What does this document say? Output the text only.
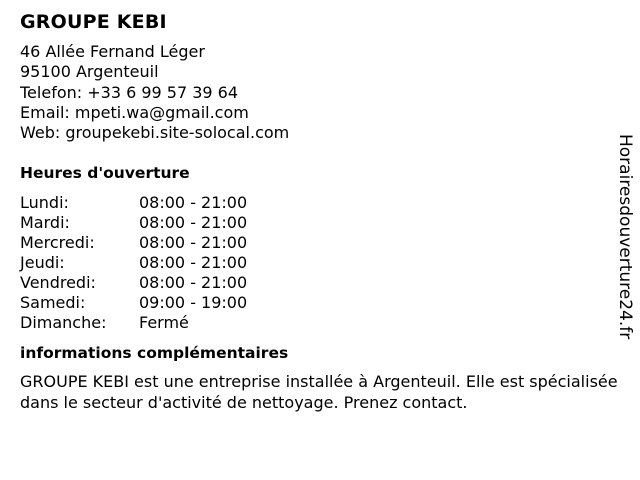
GROUPE KEBI
46 Allée Fernand Léger
95100 Argenteuil
Telefon: +33 6 99 57 39 64
Email: mpeti.wa@gmail.com
Web: groupekebi.site-solocal.com
Heures d'ouverture
Lundi:	08:00 - 21:00
Mardi:	08:00 - 21:00
Mercredi:	08:00 - 21:00
Jeudi:	08:00 - 21:00
Vendredi:	08:00 - 21:00
Samedi:	09:00 - 19:00
Dimanche:	Fermé
informations complémentaires
GROUPE KEBI est une entreprise installée à Argenteuil. Elle est spécialisée dans le secteur d'activité de nettoyage. Prenez contact.
Horairesdouverture24.fr
